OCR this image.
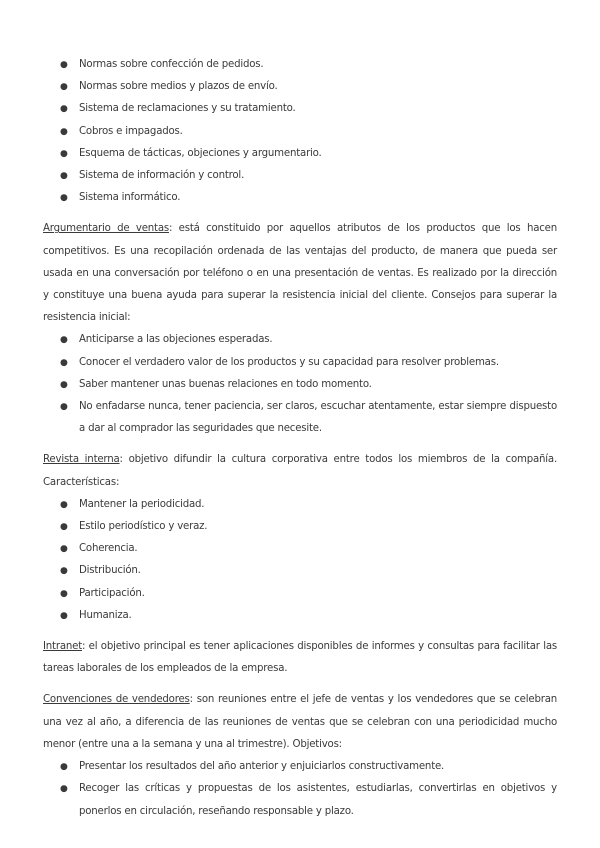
● Normas sobre confección de pedidos.
● Normas sobre medios y plazos de envío.
● Sistema de reclamaciones y su tratamiento.
● Cobros e impagados.
● Esquema de tácticas, objeciones y argumentario.
● Sistema de información y control.
● Sistema informático.

Argumentario de ventas: está constituido por aquellos atributos de los productos que los hacen competitivos. Es una recopilación ordenada de las ventajas del producto, de manera que pueda ser usada en una conversación por teléfono o en una presentación de ventas. Es realizado por la dirección y constituye una buena ayuda para superar la resistencia inicial del cliente. Consejos para superar la resistencia inicial:

● Anticiparse a las objeciones esperadas.
● Conocer el verdadero valor de los productos y su capacidad para resolver problemas.
● Saber mantener unas buenas relaciones en todo momento.
● No enfadarse nunca, tener paciencia, ser claros, escuchar atentamente, estar siempre dispuesto a dar al comprador las seguridades que necesite.

Revista interna: objetivo difundir la cultura corporativa entre todos los miembros de la compañía. Características:

● Mantener la periodicidad.
● Estilo periodístico y veraz.
● Coherencia.
● Distribución.
● Participación.
● Humaniza.

Intranet: el objetivo principal es tener aplicaciones disponibles de informes y consultas para facilitar las tareas laborales de los empleados de la empresa.

Convenciones de vendedores: son reuniones entre el jefe de ventas y los vendedores que se celebran una vez al año, a diferencia de las reuniones de ventas que se celebran con una periodicidad mucho menor (entre una a la semana y una al trimestre). Objetivos:

● Presentar los resultados del año anterior y enjuiciarlos constructivamente.
● Recoger las críticas y propuestas de los asistentes, estudiarlas, convertirlas en objetivos y ponerlos en circulación, reseñando responsable y plazo.
